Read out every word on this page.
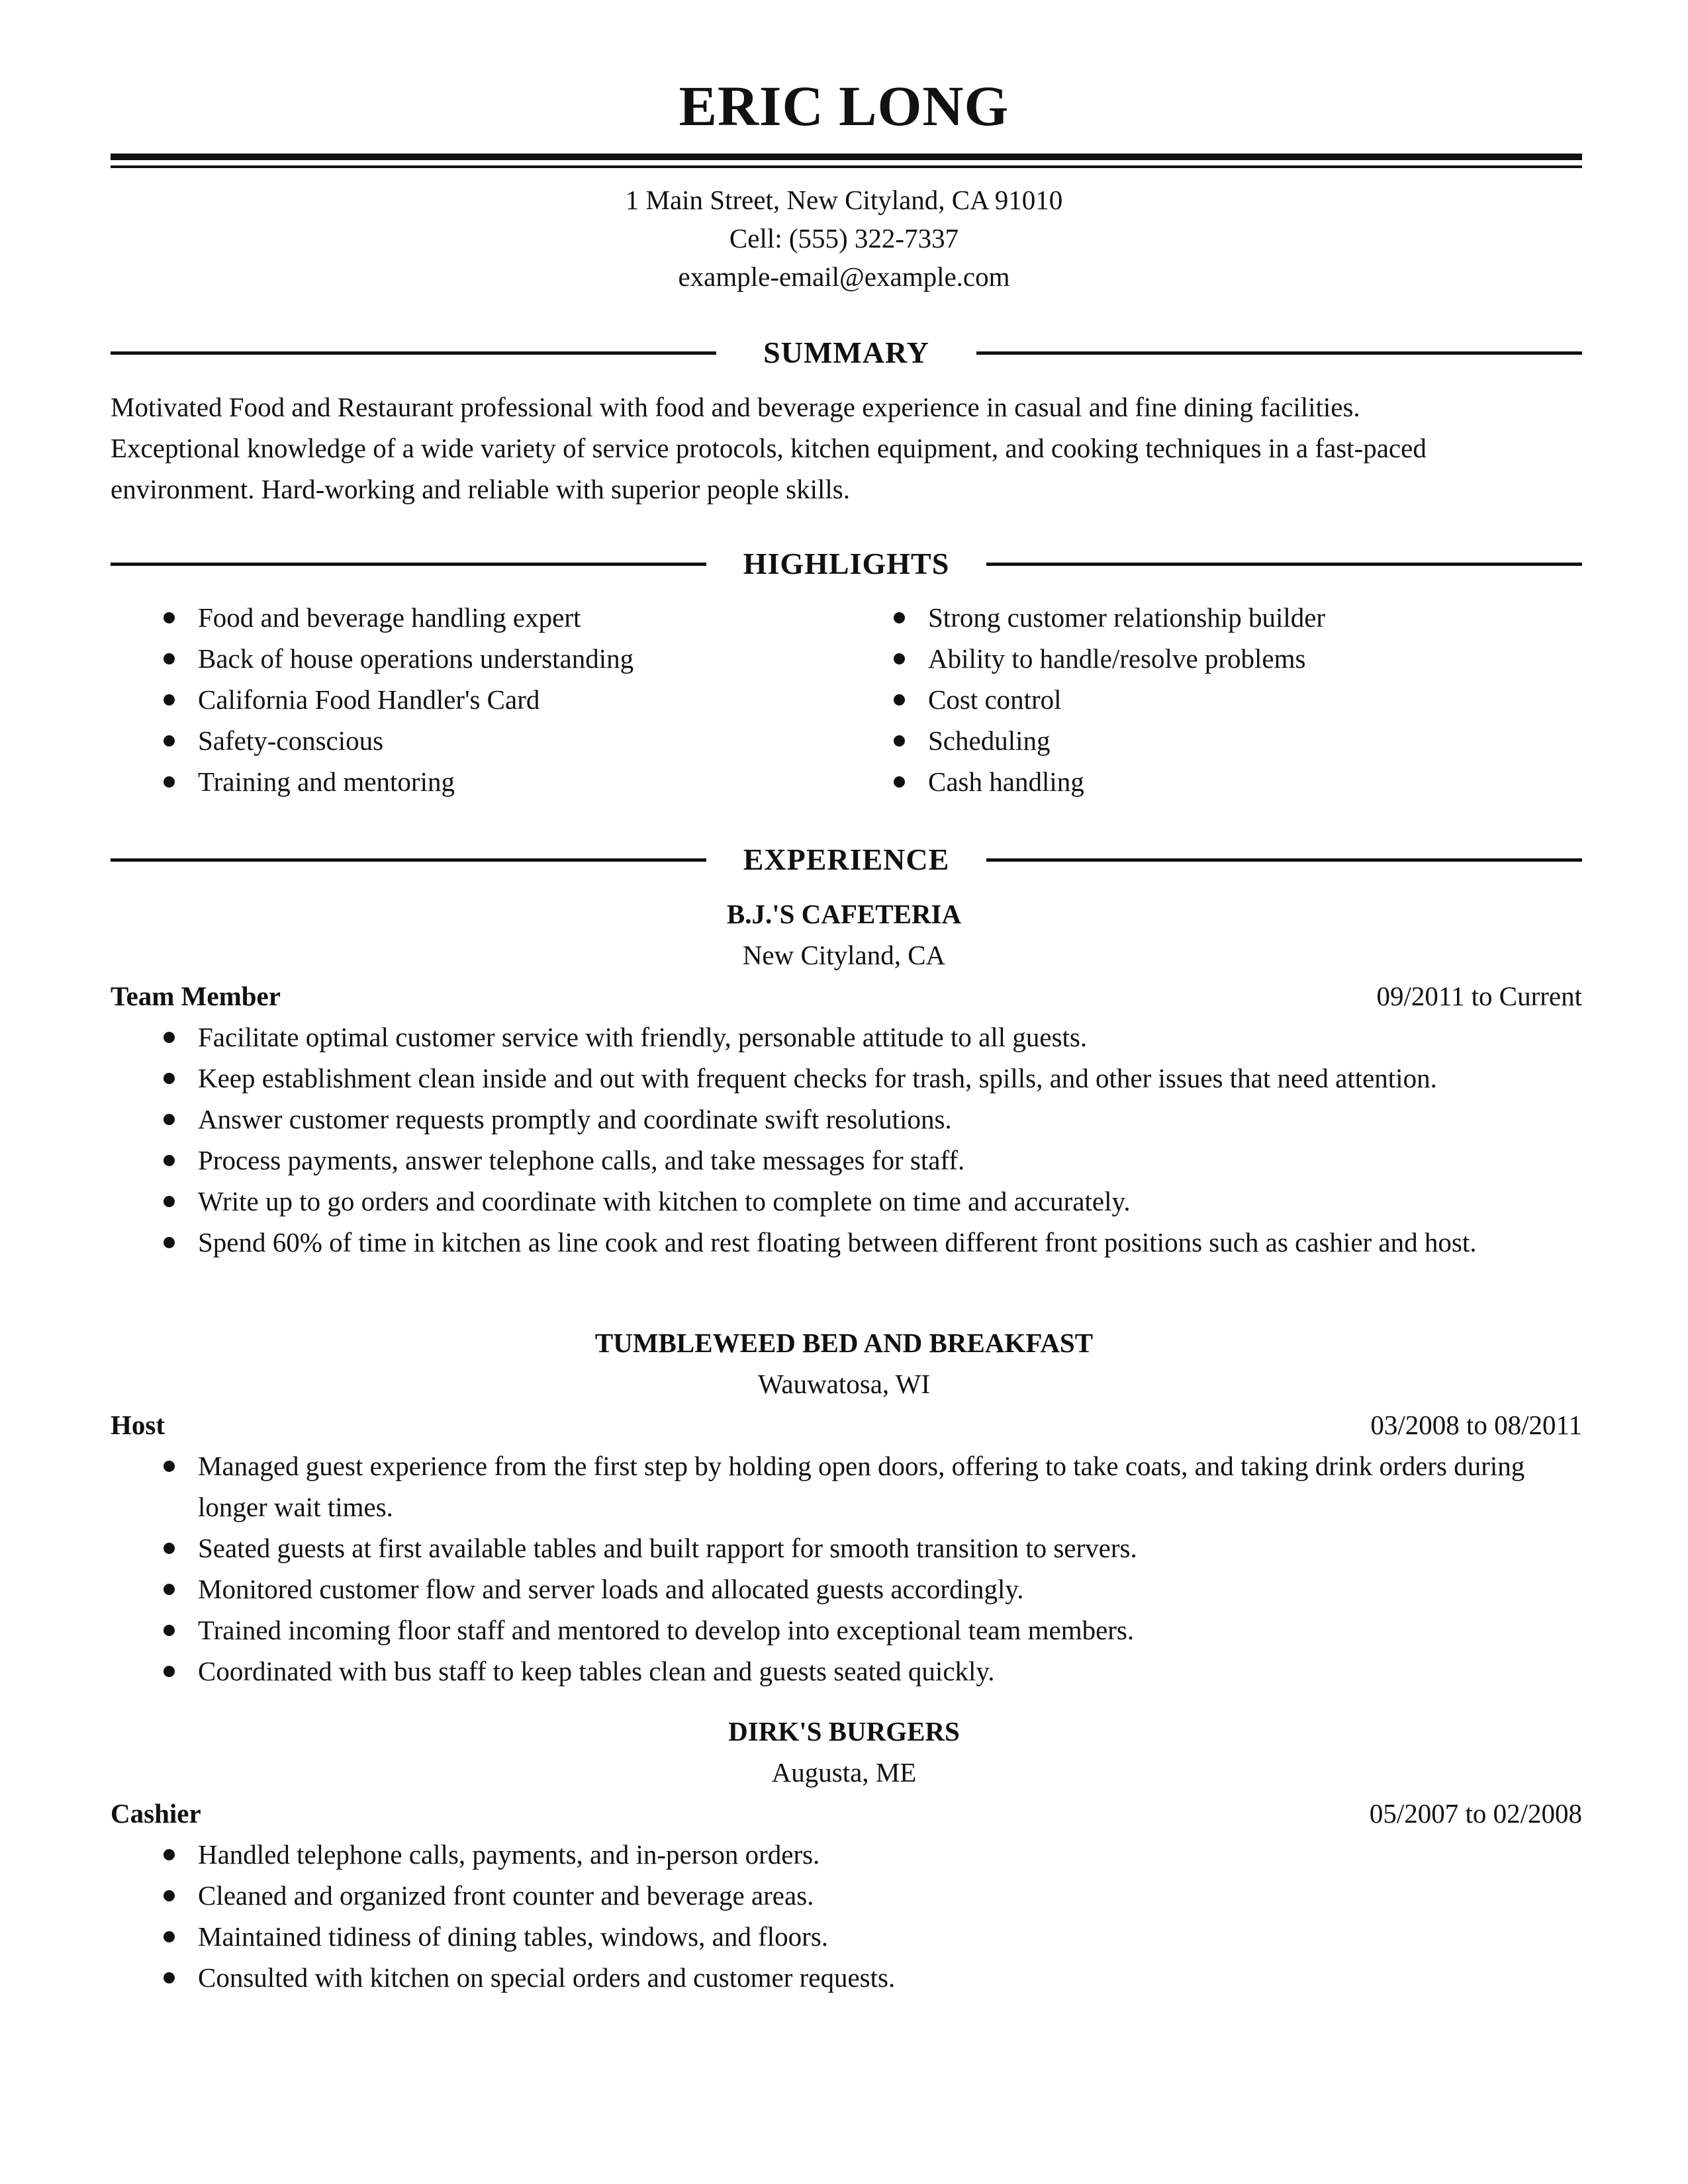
ERIC LONG
1 Main Street, New Cityland, CA 91010
Cell: (555) 322-7337
example-email@example.com
SUMMARY
Motivated Food and Restaurant professional with food and beverage experience in casual and fine dining facilities.
Exceptional knowledge of a wide variety of service protocols, kitchen equipment, and cooking techniques in a fast-paced
environment. Hard-working and reliable with superior people skills.
HIGHLIGHTS
Food and beverage handling expert
Back of house operations understanding
California Food Handler's Card
Safety-conscious
Training and mentoring
Strong customer relationship builder
Ability to handle/resolve problems
Cost control
Scheduling
Cash handling
EXPERIENCE
B.J.'S CAFETERIA
New Cityland, CA
Team Member	09/2011 to Current
Facilitate optimal customer service with friendly, personable attitude to all guests.
Keep establishment clean inside and out with frequent checks for trash, spills, and other issues that need attention.
Answer customer requests promptly and coordinate swift resolutions.
Process payments, answer telephone calls, and take messages for staff.
Write up to go orders and coordinate with kitchen to complete on time and accurately.
Spend 60% of time in kitchen as line cook and rest floating between different front positions such as cashier and host.
TUMBLEWEED BED AND BREAKFAST
Wauwatosa, WI
Host	03/2008 to 08/2011
Managed guest experience from the first step by holding open doors, offering to take coats, and taking drink orders during longer wait times.
Seated guests at first available tables and built rapport for smooth transition to servers.
Monitored customer flow and server loads and allocated guests accordingly.
Trained incoming floor staff and mentored to develop into exceptional team members.
Coordinated with bus staff to keep tables clean and guests seated quickly.
DIRK'S BURGERS
Augusta, ME
Cashier	05/2007 to 02/2008
Handled telephone calls, payments, and in-person orders.
Cleaned and organized front counter and beverage areas.
Maintained tidiness of dining tables, windows, and floors.
Consulted with kitchen on special orders and customer requests.
